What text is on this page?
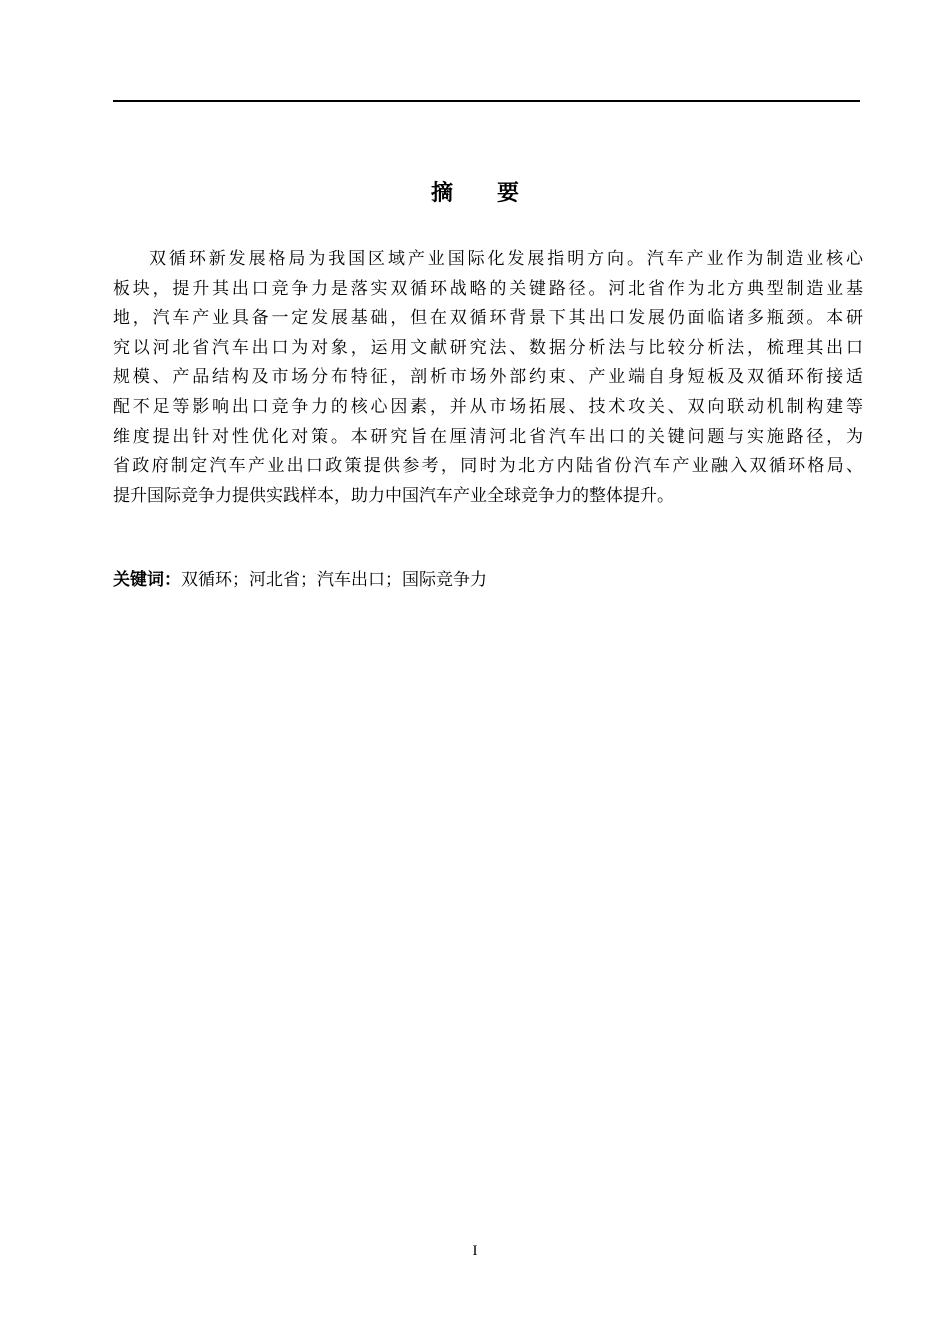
摘 要
双循环新发展格局为我国区域产业国际化发展指明方向。汽车产业作为制造业核心
板块，提升其出口竞争力是落实双循环战略的关键路径。河北省作为北方典型制造业基
地，汽车产业具备一定发展基础，但在双循环背景下其出口发展仍面临诸多瓶颈。本研
究以河北省汽车出口为对象，运用文献研究法、数据分析法与比较分析法，梳理其出口
规模、产品结构及市场分布特征，剖析市场外部约束、产业端自身短板及双循环衔接适
配不足等影响出口竞争力的核心因素，并从市场拓展、技术攻关、双向联动机制构建等
维度提出针对性优化对策。本研究旨在厘清河北省汽车出口的关键问题与实施路径，为
省政府制定汽车产业出口政策提供参考，同时为北方内陆省份汽车产业融入双循环格局、
提升国际竞争力提供实践样本，助力中国汽车产业全球竞争力的整体提升。
关键词：双循环；河北省；汽车出口；国际竞争力
I
